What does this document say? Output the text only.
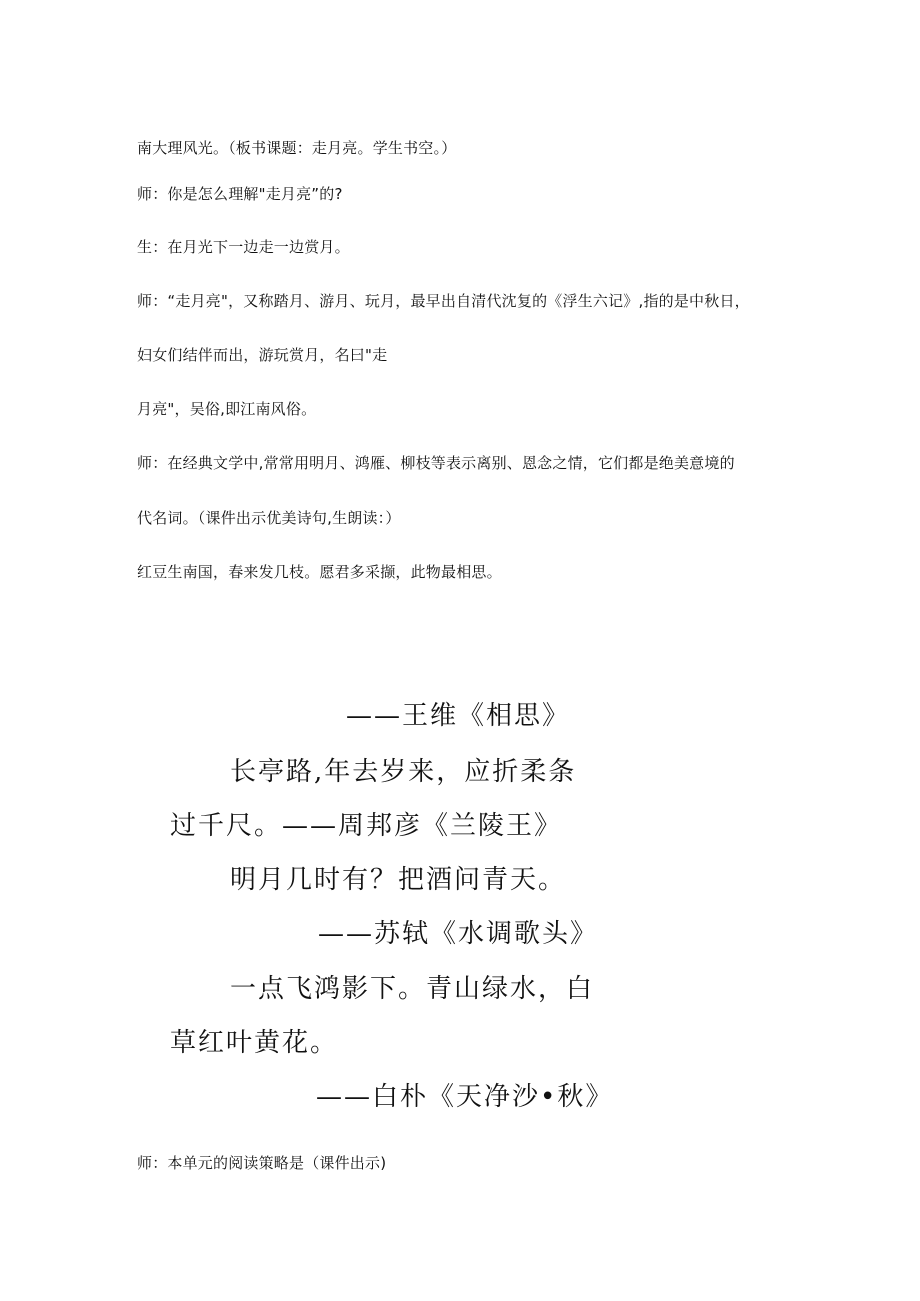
南大理风光。（板书课题：走月亮。学生书空。）

师：你是怎么理解"走月亮”的?

生：在月光下一边走一边赏月。

师：“走月亮"，又称踏月、游月、玩月，最早出自清代沈复的《浮生六记》,指的是中秋日，

妇女们结伴而出，游玩赏月，名曰"走

月亮"，吴俗,即江南风俗。

师：在经典文学中,常常用明月、鸿雁、柳枝等表示离别、恩念之情，它们都是绝美意境的

代名词。（课件出示优美诗句,生朗读：）

红豆生南国，春来发几枝。愿君多采撷，此物最相思。

——王维《相思》

长亭路,年去岁来，应折柔条

过千尺。——周邦彦《兰陵王》

明月几时有？把酒问青天。

——苏轼《水调歌头》

一点飞鸿影下。青山绿水，白

草红叶黄花。

——白朴《天净沙•秋》

师：本单元的阅读策略是（课件出示)
